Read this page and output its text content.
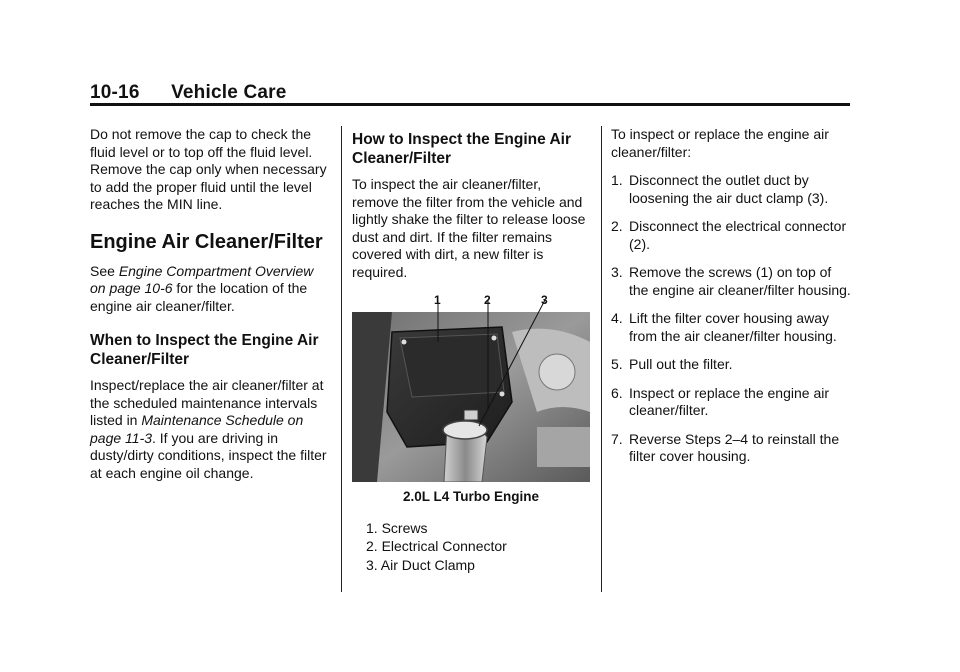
10-16 Vehicle Care

Do not remove the cap to check the fluid level or to top off the fluid level. Remove the cap only when necessary to add the proper fluid until the level reaches the MIN line.

Engine Air Cleaner/Filter

See Engine Compartment Overview on page 10-6 for the location of the engine air cleaner/filter.

When to Inspect the Engine Air Cleaner/Filter

Inspect/replace the air cleaner/filter at the scheduled maintenance intervals listed in Maintenance Schedule on page 11-3. If you are driving in dusty/dirty conditions, inspect the filter at each engine oil change.

How to Inspect the Engine Air Cleaner/Filter

To inspect the air cleaner/filter, remove the filter from the vehicle and lightly shake the filter to release loose dust and dirt. If the filter remains covered with dirt, a new filter is required.

1	2	3
2.0L L4 Turbo Engine
1. Screws
2. Electrical Connector
3. Air Duct Clamp

To inspect or replace the engine air cleaner/filter:

1. Disconnect the outlet duct by loosening the air duct clamp (3).
2. Disconnect the electrical connector (2).
3. Remove the screws (1) on top of the engine air cleaner/filter housing.
4. Lift the filter cover housing away from the air cleaner/filter housing.
5. Pull out the filter.
6. Inspect or replace the engine air cleaner/filter.
7. Reverse Steps 2–4 to reinstall the filter cover housing.
